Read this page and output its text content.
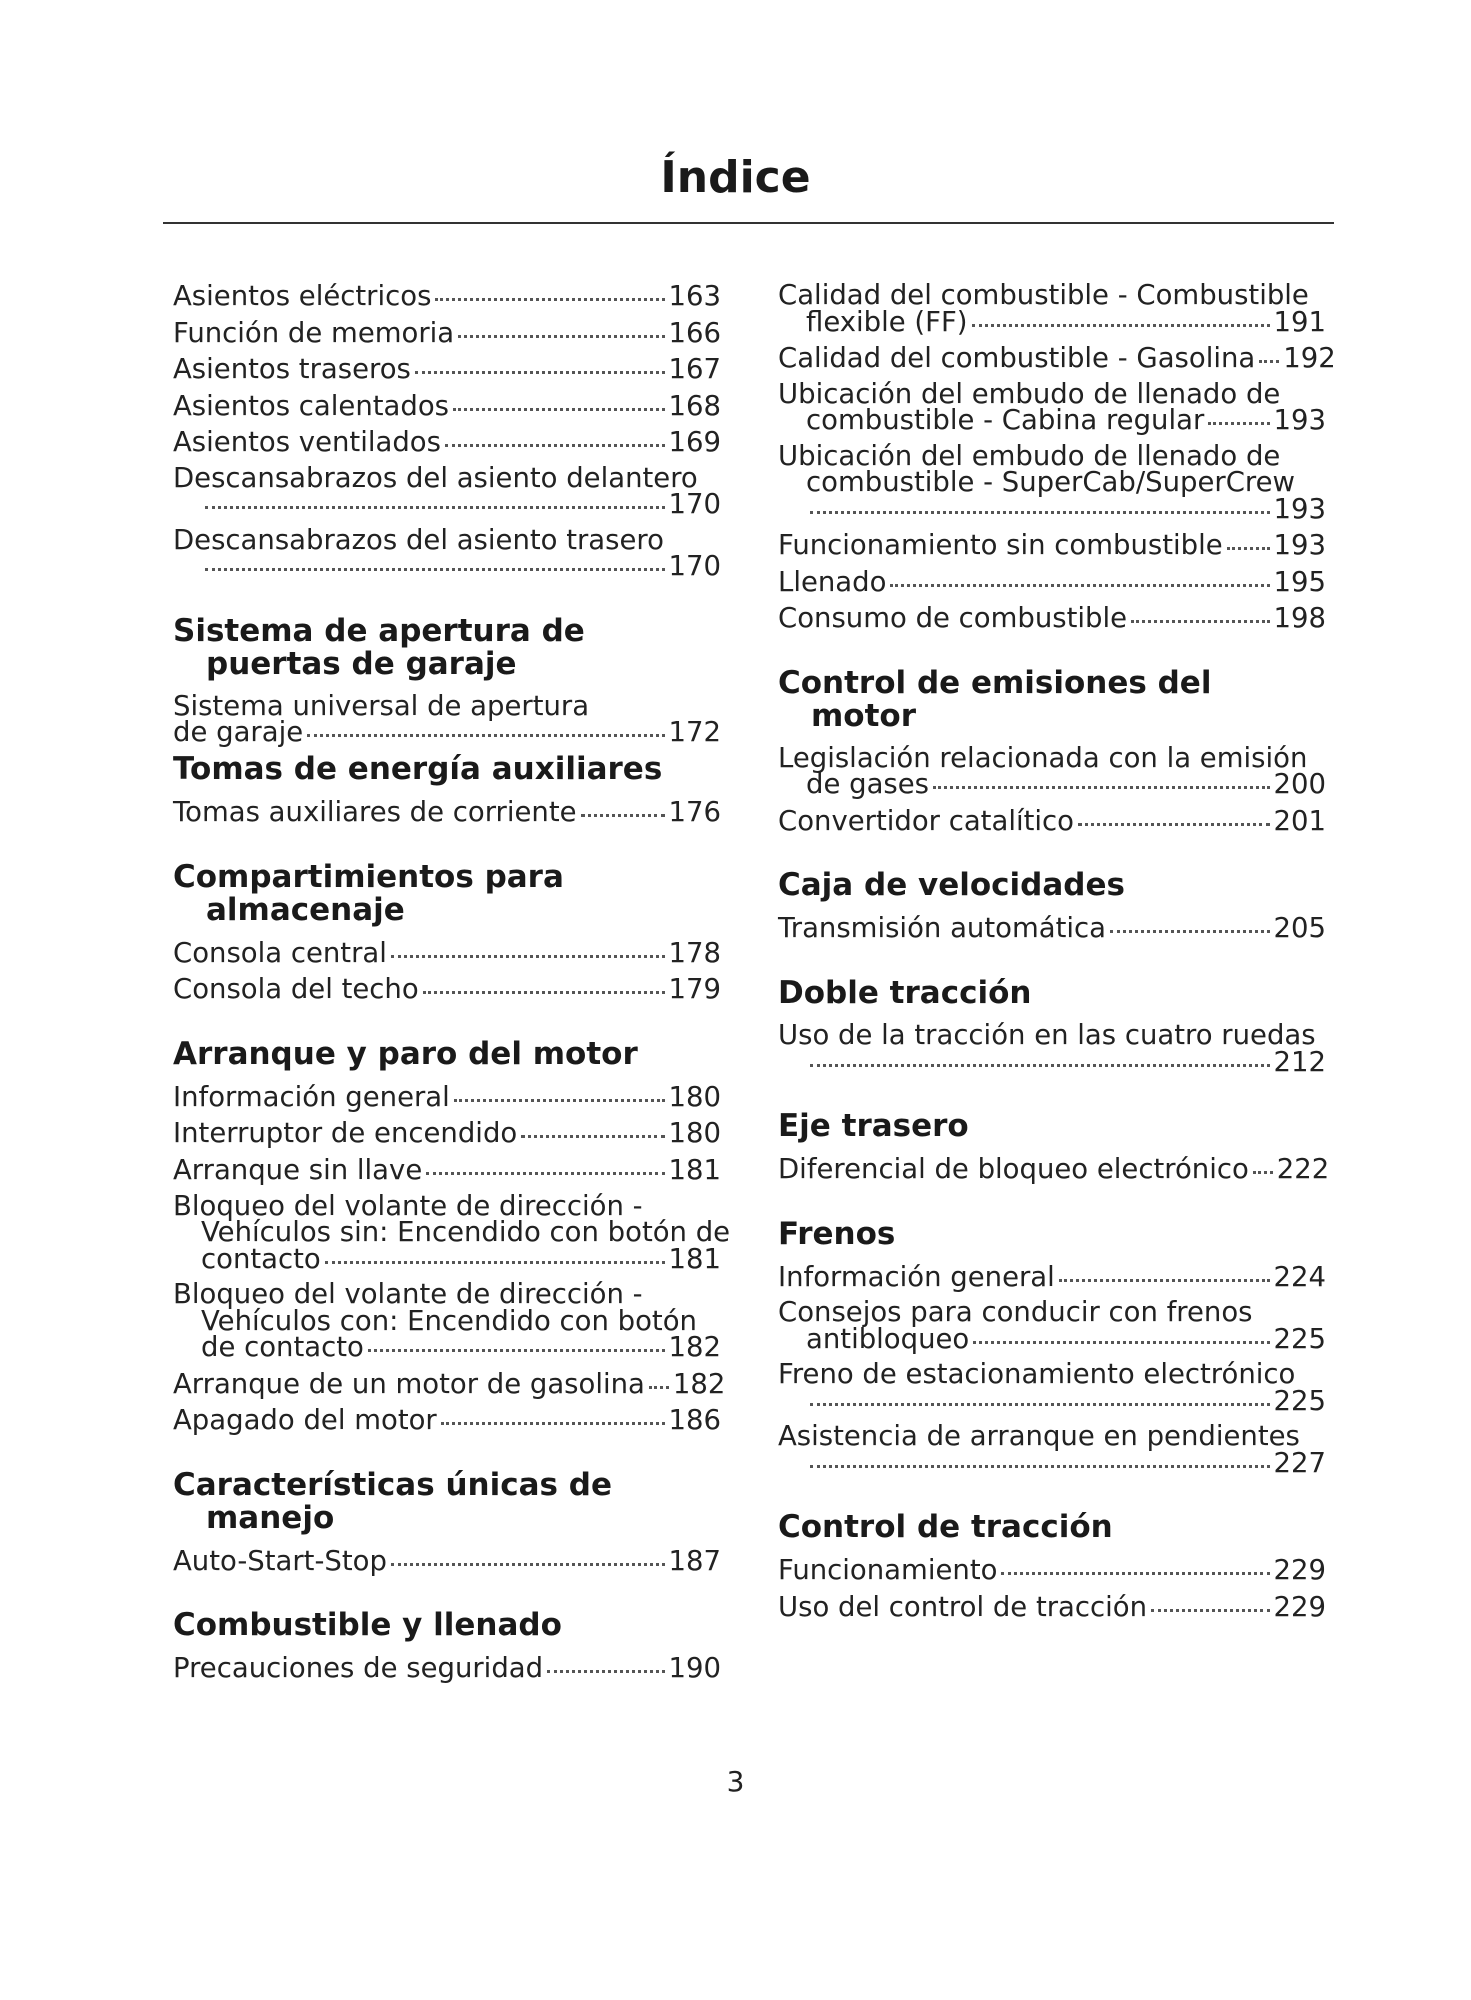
Índice
Asientos eléctricos	163
Función de memoria	166
Asientos traseros	167
Asientos calentados	168
Asientos ventilados	169
Descansabrazos del asiento delantero
170
Descansabrazos del asiento trasero
170
Sistema de apertura de
puertas de garaje
Sistema universal de apertura
de garaje	172
Tomas de energía auxiliares
Tomas auxiliares de corriente	176
Compartimientos para
almacenaje
Consola central	178
Consola del techo	179
Arranque y paro del motor
Información general	180
Interruptor de encendido	180
Arranque sin llave	181
Bloqueo del volante de dirección -
Vehículos sin: Encendido con botón de
contacto	181
Bloqueo del volante de dirección -
Vehículos con: Encendido con botón
de contacto	182
Arranque de un motor de gasolina 182
Apagado del motor	186
Características únicas de
manejo
Auto-Start-Stop	187
Combustible y llenado
Precauciones de seguridad	190
Calidad del combustible - Combustible
flexible (FF)	191
Calidad del combustible - Gasolina 192
Ubicación del embudo de llenado de
combustible - Cabina regular	193
Ubicación del embudo de llenado de
combustible - SuperCab/SuperCrew
193
Funcionamiento sin combustible 193
Llenado	195
Consumo de combustible	198
Control de emisiones del
motor
Legislación relacionada con la emisión
de gases	200
Convertidor catalítico	201
Caja de velocidades
Transmisión automática	205
Doble tracción
Uso de la tracción en las cuatro ruedas
212
Eje trasero
Diferencial de bloqueo electrónico 222
Frenos
Información general	224
Consejos para conducir con frenos
antibloqueo	225
Freno de estacionamiento electrónico
225
Asistencia de arranque en pendientes
227
Control de tracción
Funcionamiento	229
Uso del control de tracción	229
3
